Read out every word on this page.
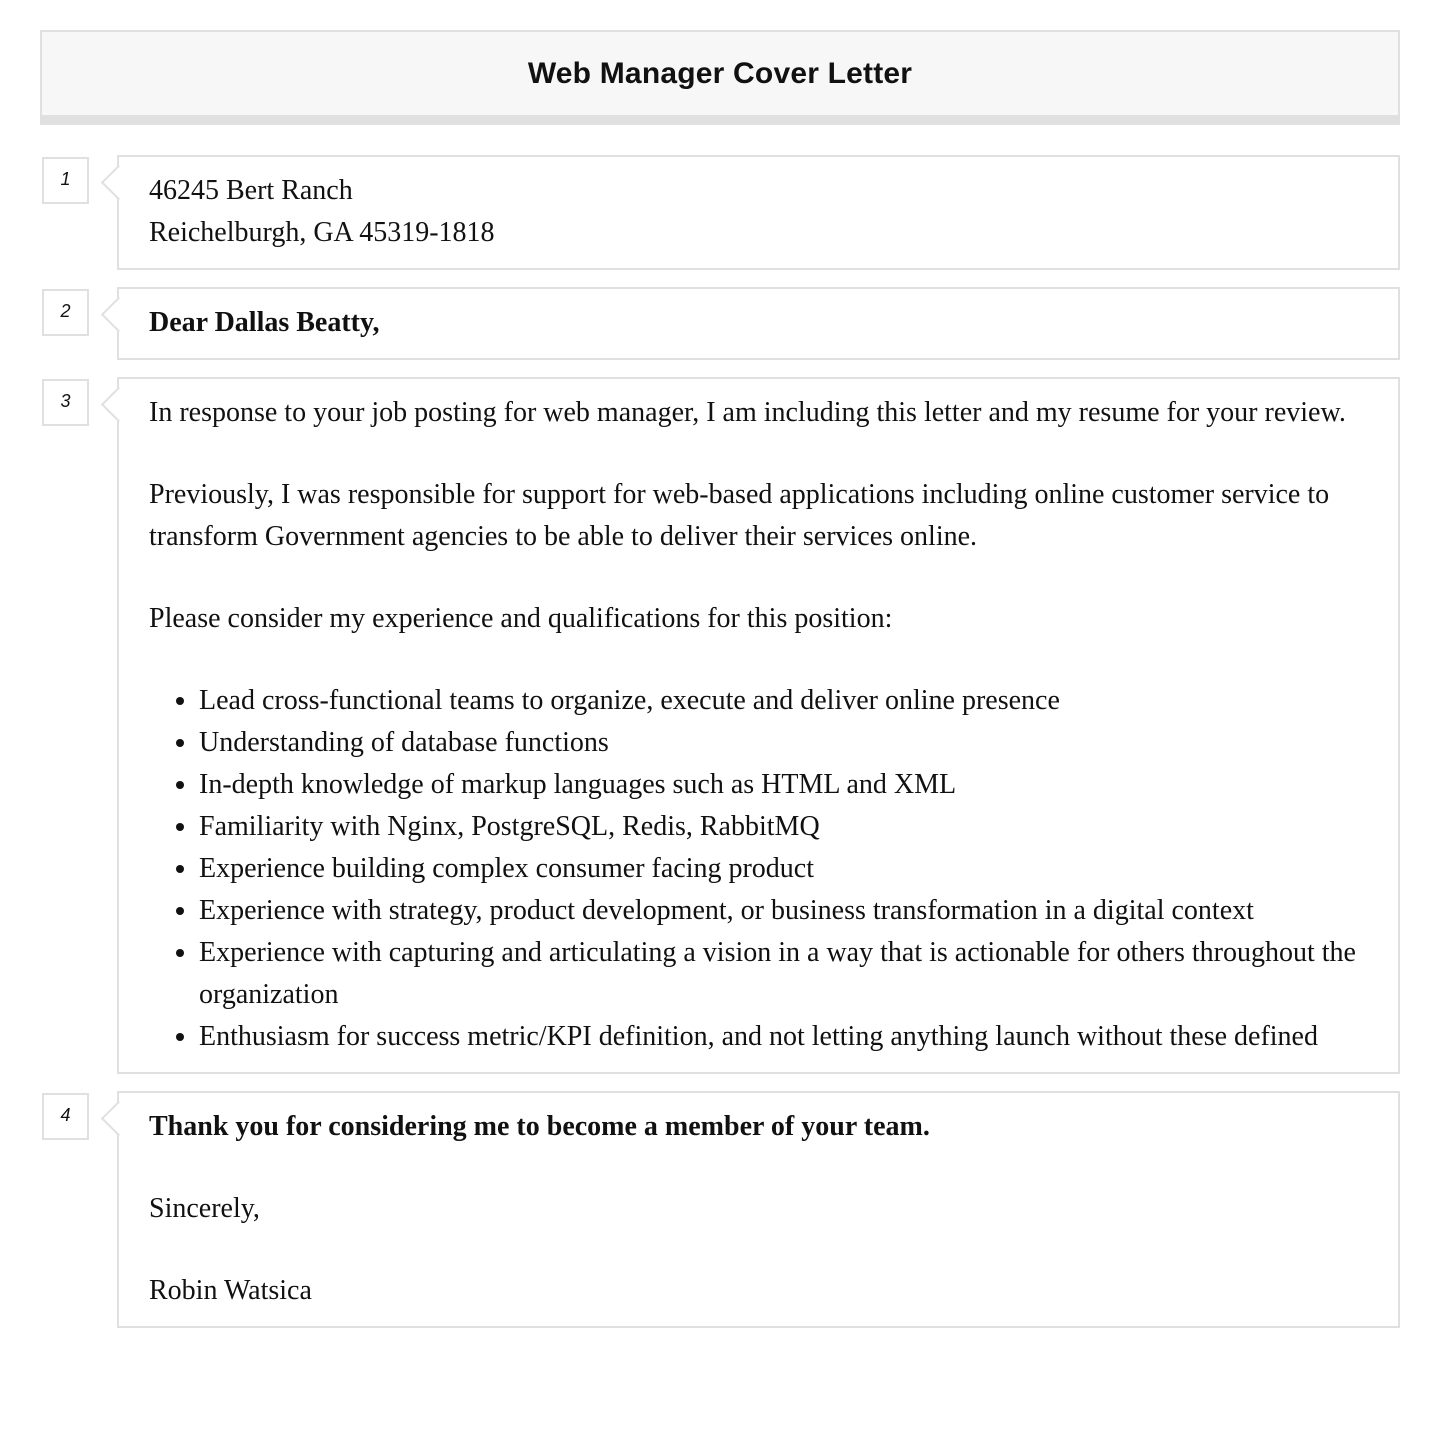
Web Manager Cover Letter
1	46245 Bert Ranch
Reichelburgh, GA 45319-1818
2	Dear Dallas Beatty,

3	In response to your job posting for web manager, I am including this letter and my resume for your review.

Previously, I was responsible for support for web-based applications including online customer service to transform Government agencies to be able to deliver their services online.

Please consider my experience and qualifications for this position:

• Lead cross-functional teams to organize, execute and deliver online presence
• Understanding of database functions
• In-depth knowledge of markup languages such as HTML and XML
• Familiarity with Nginx, PostgreSQL, Redis, RabbitMQ
• Experience building complex consumer facing product
• Experience with strategy, product development, or business transformation in a digital context
• Experience with capturing and articulating a vision in a way that is actionable for others throughout the organization
• Enthusiasm for success metric/KPI definition, and not letting anything launch without these defined
4	Thank you for considering me to become a member of your team.

Sincerely,

Robin Watsica
